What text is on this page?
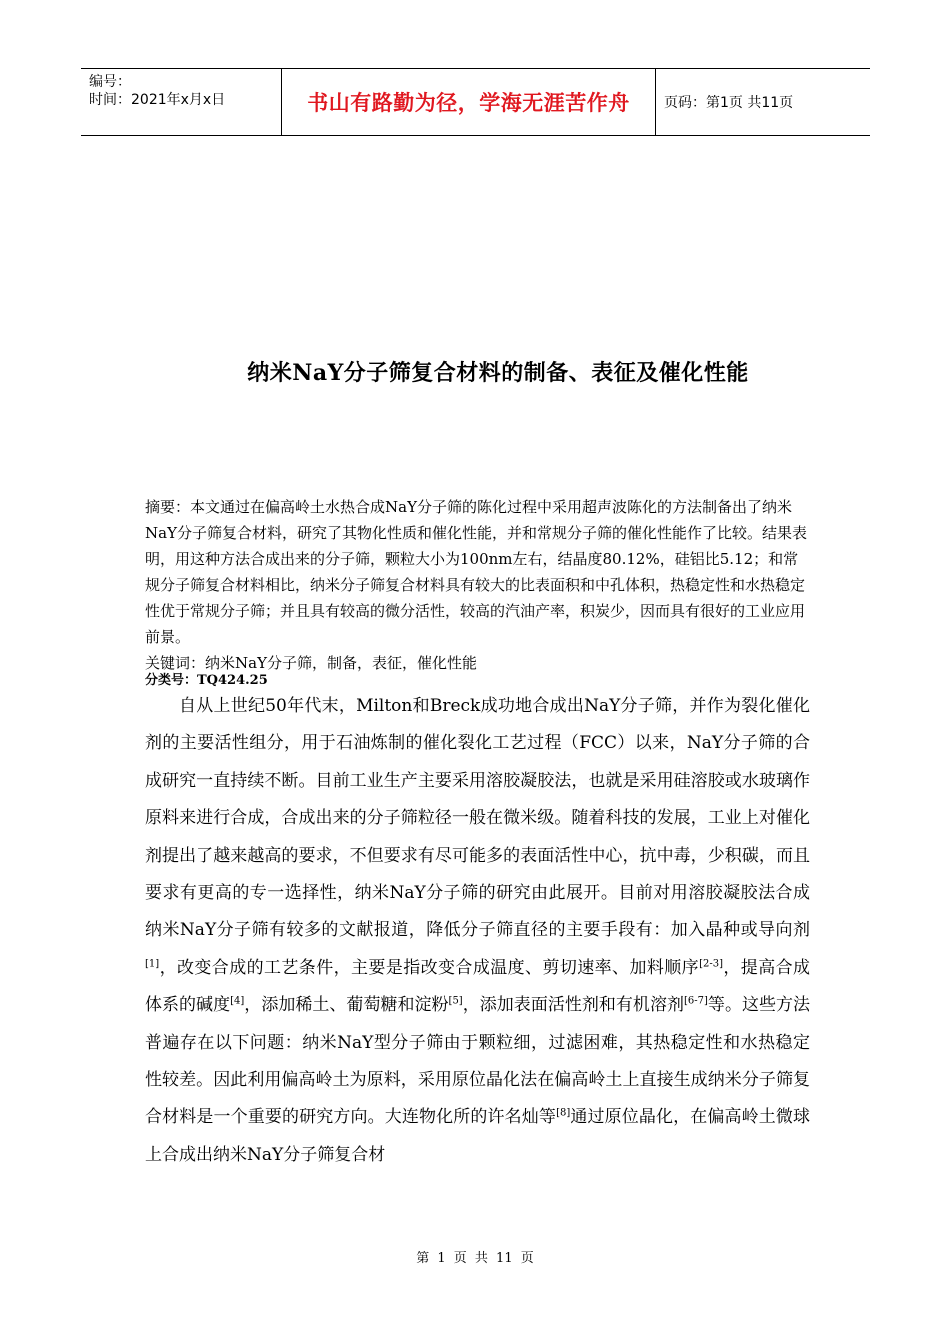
编号：
时间：2021年x月x日	书山有路勤为径，学海无涯苦作舟 页码：第1页 共11页
纳米NaY分子筛复合材料的制备、表征及催化性能

摘要：本文通过在偏高岭土水热合成NaY分子筛的陈化过程中采用超声波陈化的方法制备出了纳米NaY分子筛复合材料，研究了其物化性质和催化性能，并和常规分子筛的催化性能作了比较。结果表明，用这种方法合成出来的分子筛，颗粒大小为100nm左右，结晶度80.12%，硅铝比5.12；和常规分子筛复合材料相比，纳米分子筛复合材料具有较大的比表面积和中孔体积，热稳定性和水热稳定性优于常规分子筛；并且具有较高的微分活性，较高的汽油产率，积炭少，因而具有很好的工业应用前景。

关键词：纳米NaY分子筛，制备，表征，催化性能

分类号：TQ424.25

自从上世纪50年代末，Milton和Breck成功地合成出NaY分子筛，并作为裂化催化剂的主要活性组分，用于石油炼制的催化裂化工艺过程（FCC）以来，NaY分子筛的合成研究一直持续不断。目前工业生产主要采用溶胶凝胶法，也就是采用硅溶胶或水玻璃作原料来进行合成，合成出来的分子筛粒径一般在微米级。随着科技的发展，工业上对催化剂提出了越来越高的要求，不但要求有尽可能多的表面活性中心，抗中毒，少积碳，而且要求有更高的专一选择性，纳米NaY分子筛的研究由此展开。目前对用溶胶凝胶法合成纳米NaY分子筛有较多的文献报道，降低分子筛直径的主要手段有：加入晶种或导向剂[1]，改变合成的工艺条件，主要是指改变合成温度、剪切速率、加料顺序[2-3]，提高合成体系的碱度[4]，添加稀土、葡萄糖和淀粉[5]，添加表面活性剂和有机溶剂[6-7]等。这些方法普遍存在以下问题：纳米NaY型分子筛由于颗粒细，过滤困难，其热稳定性和水热稳定性较差。因此利用偏高岭土为原料，采用原位晶化法在偏高岭土上直接生成纳米分子筛复合材料是一个重要的研究方向。大连物化所的许名灿等[8]通过原位晶化，在偏高岭土微球上合成出纳米NaY分子筛复合材

第 1 页 共 11 页
